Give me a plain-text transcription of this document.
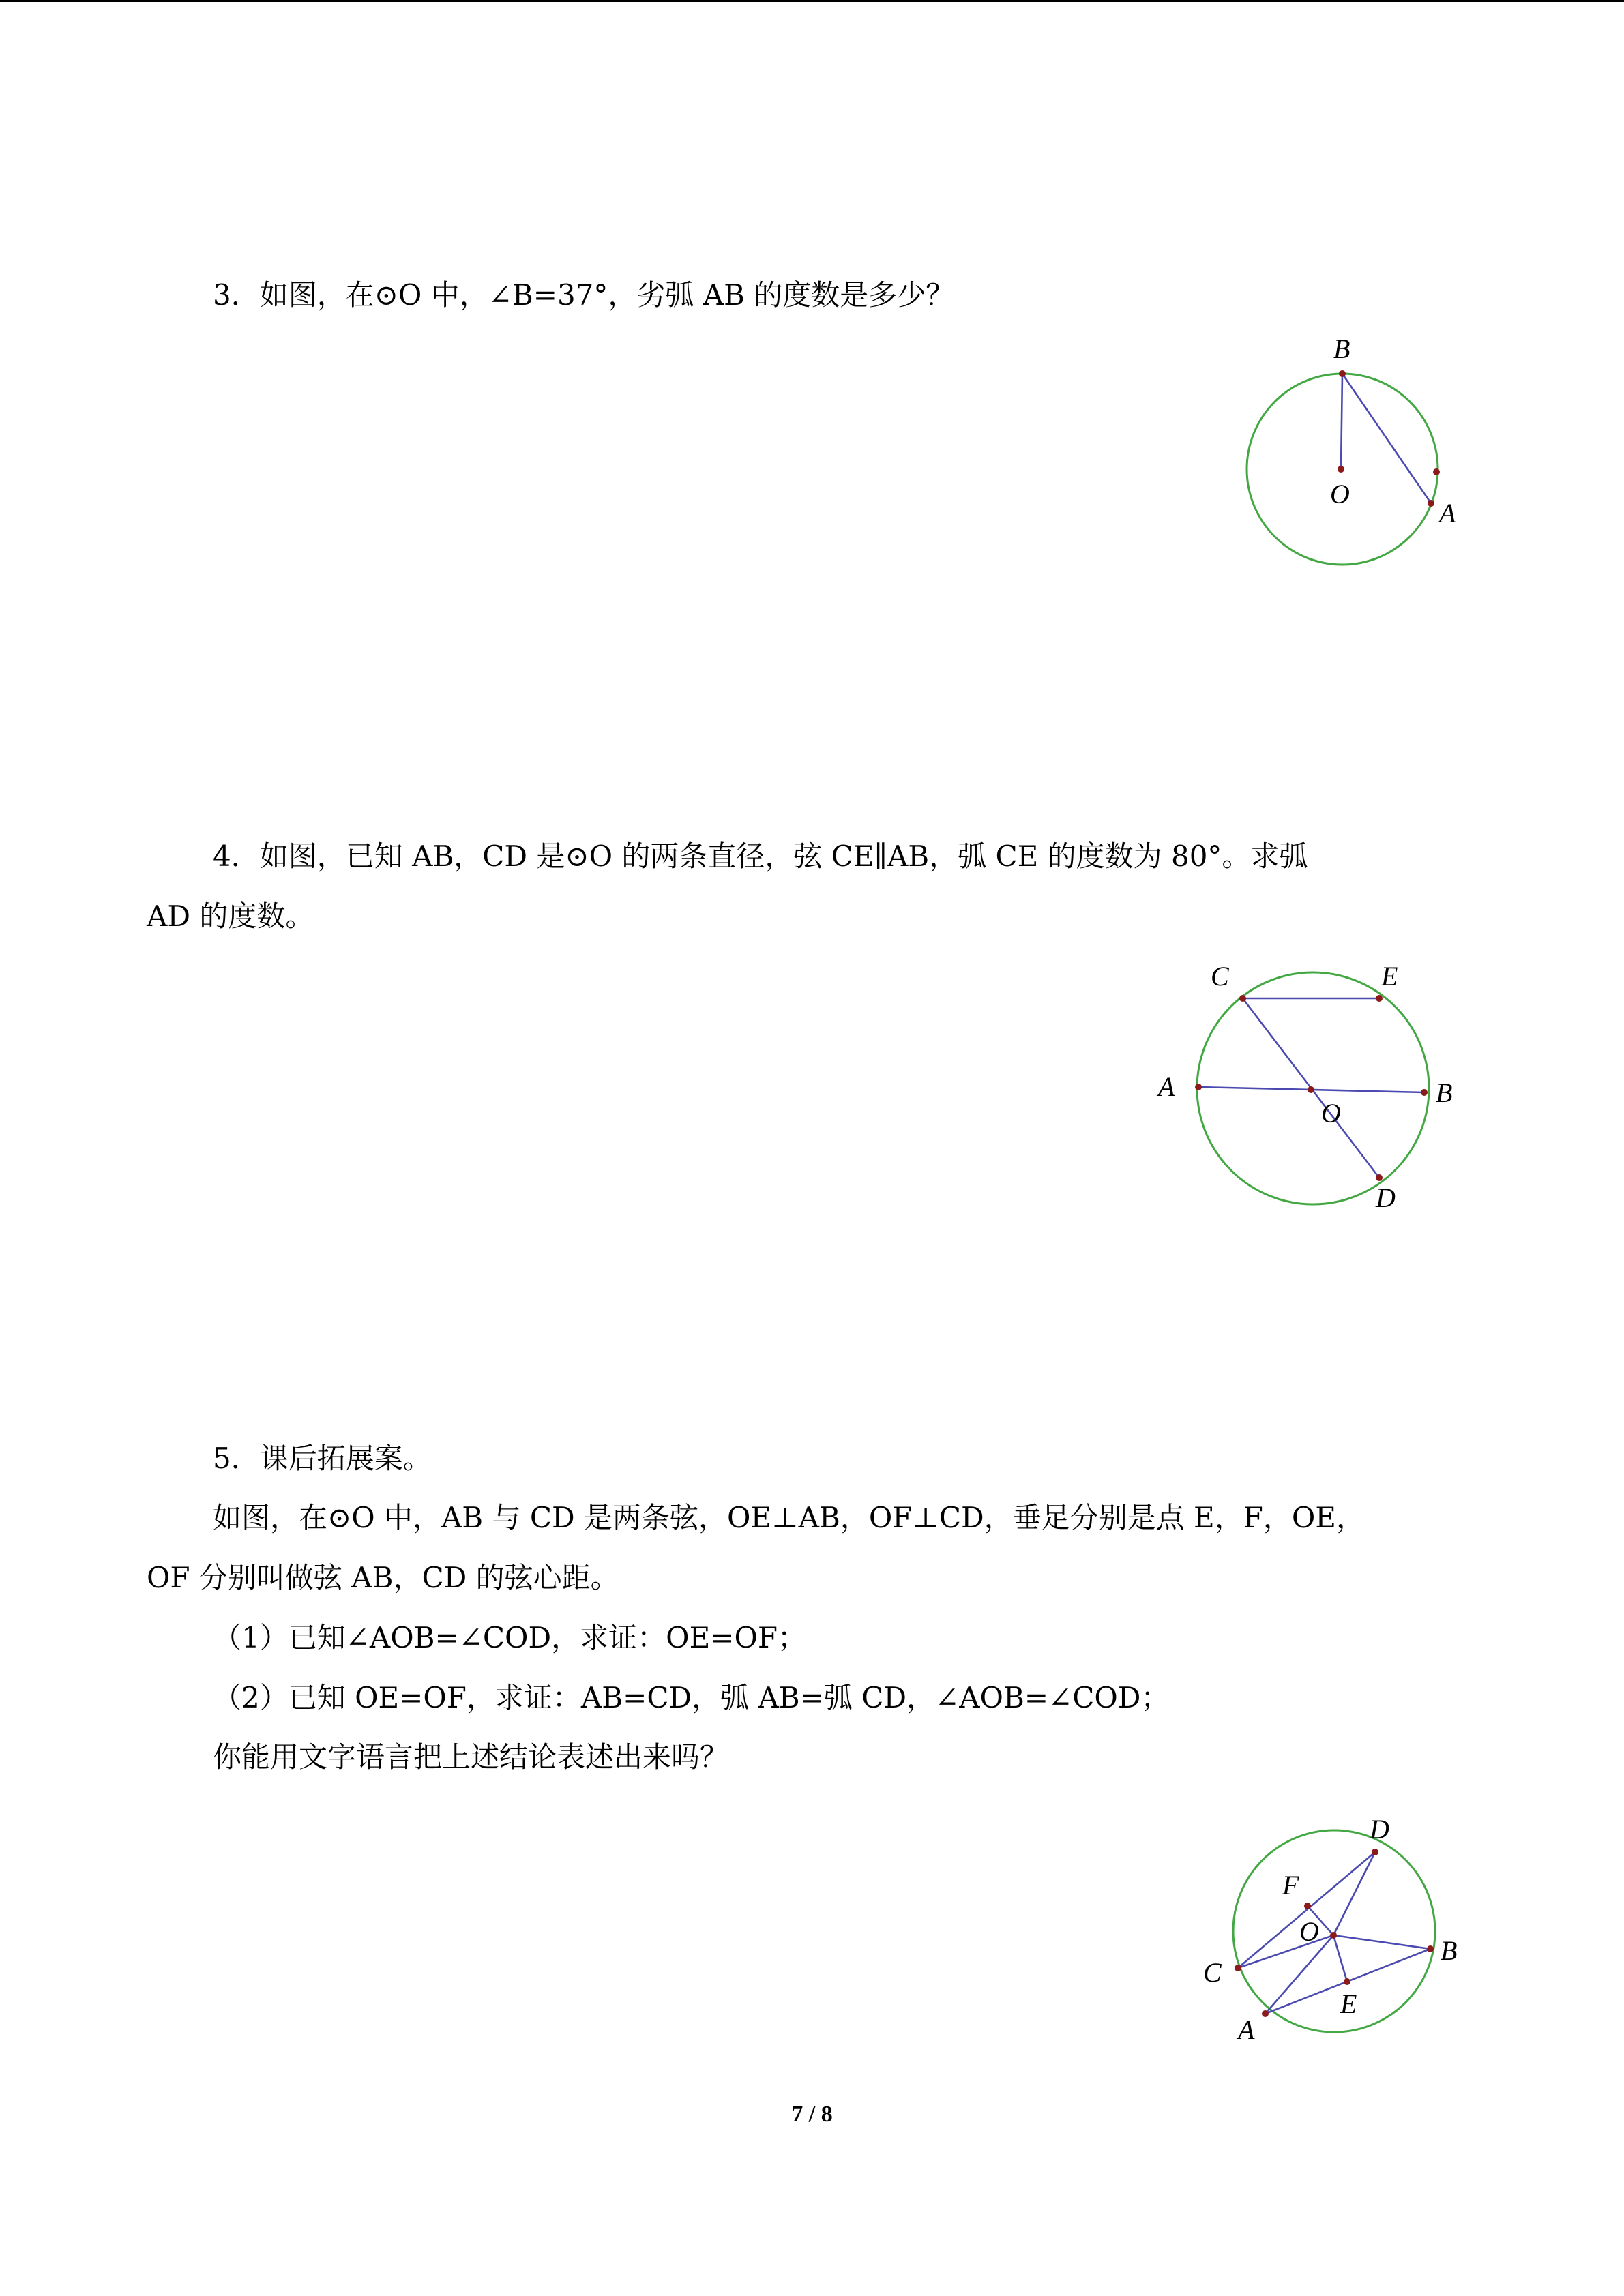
3．如图，在⊙O 中，∠B=37°，劣弧 AB 的度数是多少？
B
O
A
4．如图，已知 AB，CD 是⊙O 的两条直径，弦 CE∥AB，弧 CE 的度数为 80°。求弧
AD 的度数。
C	E
A	B
O
D
5．课后拓展案。
如图，在⊙O 中，AB 与 CD 是两条弦，OE⊥AB，OF⊥CD，垂足分别是点 E，F，OE，
OF 分别叫做弦 AB，CD 的弦心距。
（1）已知∠AOB=∠COD，求证：OE=OF；
（2）已知 OE=OF，求证：AB=CD，弧 AB=弧 CD，∠AOB=∠COD；
你能用文字语言把上述结论表述出来吗？
D
F
O
C
B
E
A
7 / 8
